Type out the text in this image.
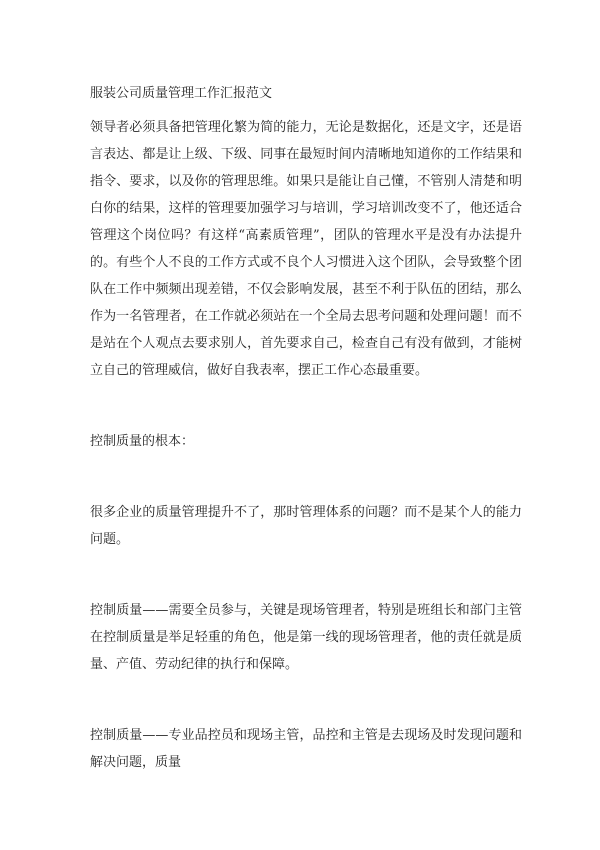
服装公司质量管理工作汇报范文

领导者必须具备把管理化繁为简的能力，无论是数据化，还是文字，还是语言表达、都是让上级、下级、同事在最短时间内清晰地知道你的工作结果和指令、要求，以及你的管理思维。如果只是能让自己懂，不管别人清楚和明白你的结果，这样的管理要加强学习与培训，学习培训改变不了，他还适合管理这个岗位吗？有这样“高素质管理”，团队的管理水平是没有办法提升的。有些个人不良的工作方式或不良个人习惯进入这个团队，会导致整个团队在工作中频频出现差错，不仅会影响发展，甚至不利于队伍的团结，那么作为一名管理者，在工作就必须站在一个全局去思考问题和处理问题！而不是站在个人观点去要求别人，首先要求自己，检查自己有没有做到，才能树立自己的管理威信，做好自我表率，摆正工作心态最重要。

控制质量的根本：

很多企业的质量管理提升不了，那时管理体系的问题？而不是某个人的能力问题。

控制质量——需要全员参与，关键是现场管理者，特别是班组长和部门主管在控制质量是举足轻重的角色，他是第一线的现场管理者，他的责任就是质量、产值、劳动纪律的执行和保障。

控制质量——专业品控员和现场主管，品控和主管是去现场及时发现问题和解决问题，质量
